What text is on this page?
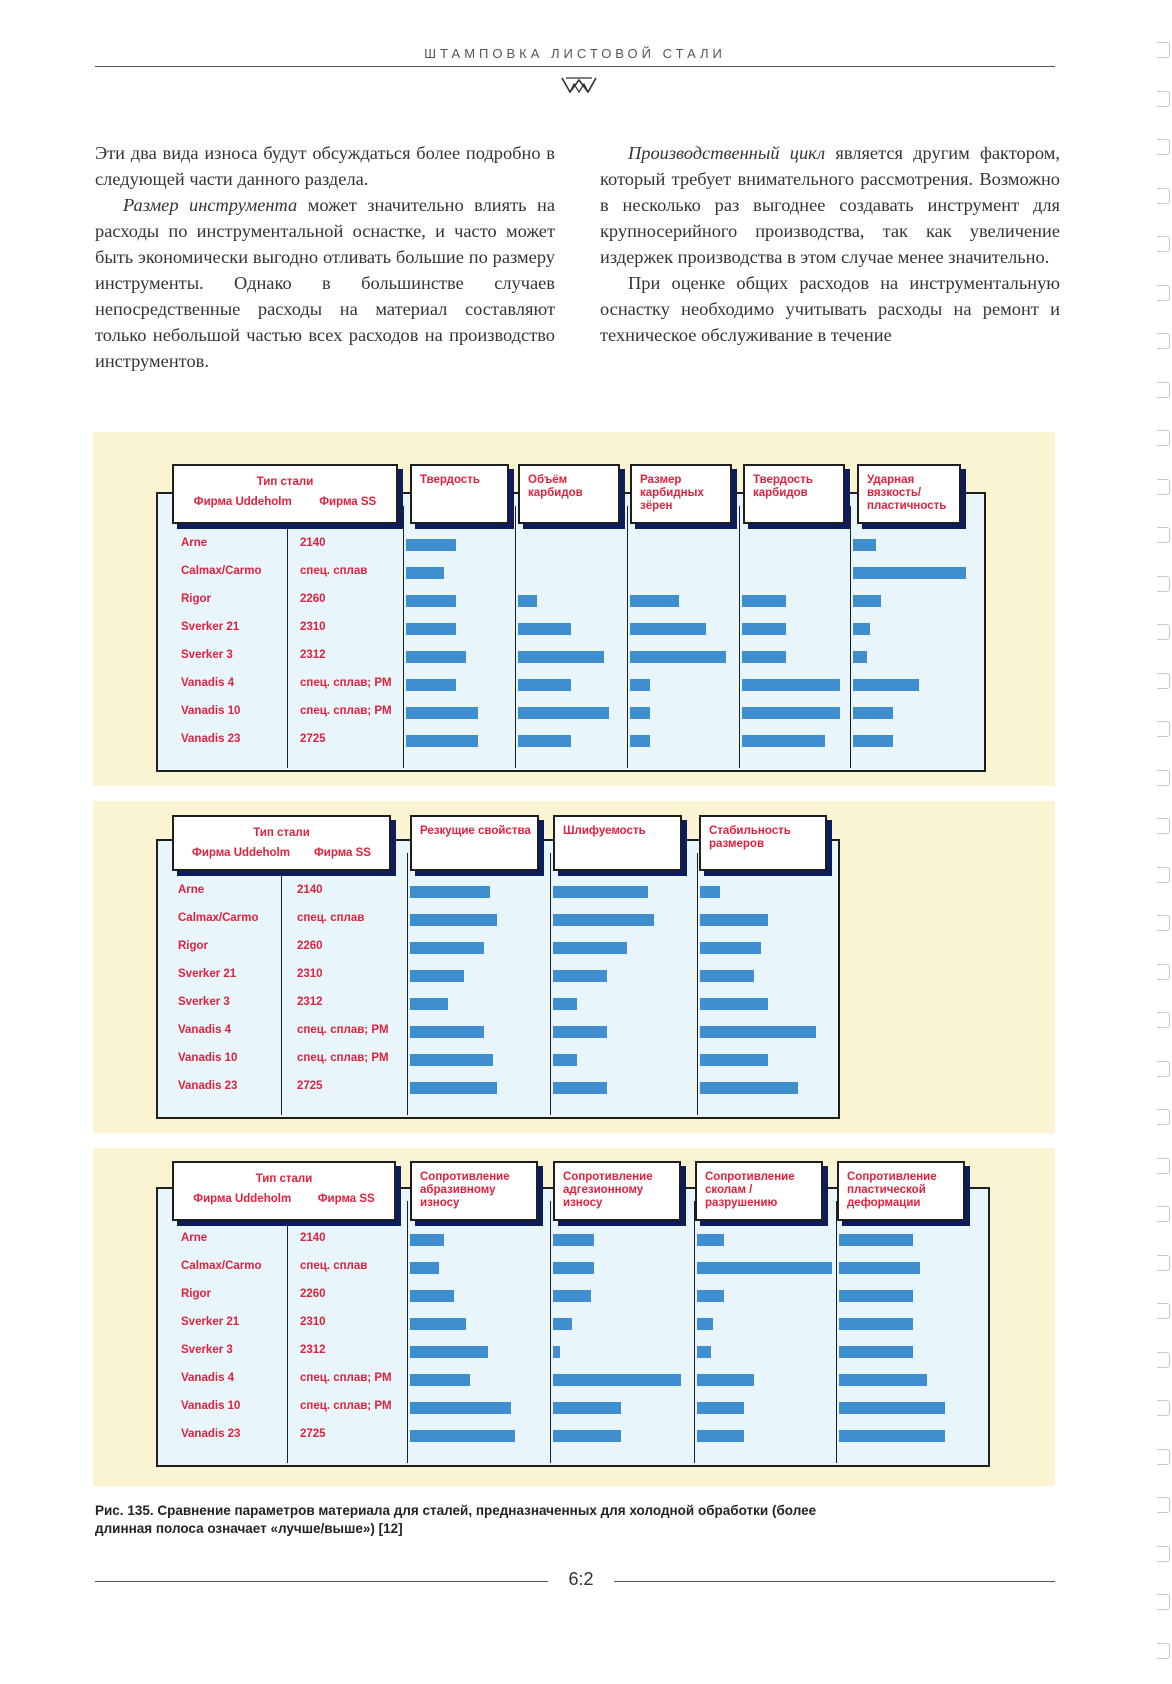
ШТАМПОВКА ЛИСТОВОЙ СТАЛИ

Эти два вида износа будут обсуждаться более подробно в следующей части данного раздела.

Размер инструмента может значительно влиять на расходы по инструментальной оснастке, и часто может быть экономически выгодно отливать большие по размеру инструменты. Однако в большинстве случаев непосредственные расходы на материал составляют только небольшой частью всех расходов на производство инструментов.

Производственный цикл является другим фактором, который требует внимательного рассмотрения. Возможно в несколько раз выгоднее создавать инструмент для крупносерийного производства, так как увеличение издержек производства в этом случае менее значительно.

При оценке общих расходов на инструментальную оснастку необходимо учитывать расходы на ремонт и техническое обслуживание в течение

Тип стали
Фирма Uddeholm Фирма SS
Твердость	Объём карбидов
Размер карбидных зёрен
Твердость карбидов
Ударная вязкость/ пластичность
Arne	2140
Calmax/Carmo	спец. сплав
Rigor	2260
Sverker 21	2310
Sverker 3	2312
Vanadis 4	спец. сплав; PM
Vanadis 10	спец. сплав; PM
Vanadis 23	2725
Тип стали
Фирма Uddeholm Фирма SS
Резкущие свойства	Шлифуемость	Стабильность размеров
Arne	2140
Calmax/Carmo	спец. сплав
Rigor	2260
Sverker 21	2310
Sverker 3	2312
Vanadis 4	спец. сплав; PM
Vanadis 10	спец. сплав; PM
Vanadis 23	2725
Тип стали
Фирма Uddeholm Фирма SS
Сопротивление абразивному износу
Сопротивление адгезионному износу
Сопротивление сколам / разрушению
Сопротивление пластической деформации
Arne	2140
Calmax/Carmo	спец. сплав
Rigor	2260
Sverker 21	2310
Sverker 3	2312
Vanadis 4	спец. сплав; PM
Vanadis 10	спец. сплав; PM
Vanadis 23	2725
Рис. 135. Сравнение параметров материала для сталей, предназначенных для холодной обработки (более длинная полоса означает «лучше/выше») [12]
6:2
